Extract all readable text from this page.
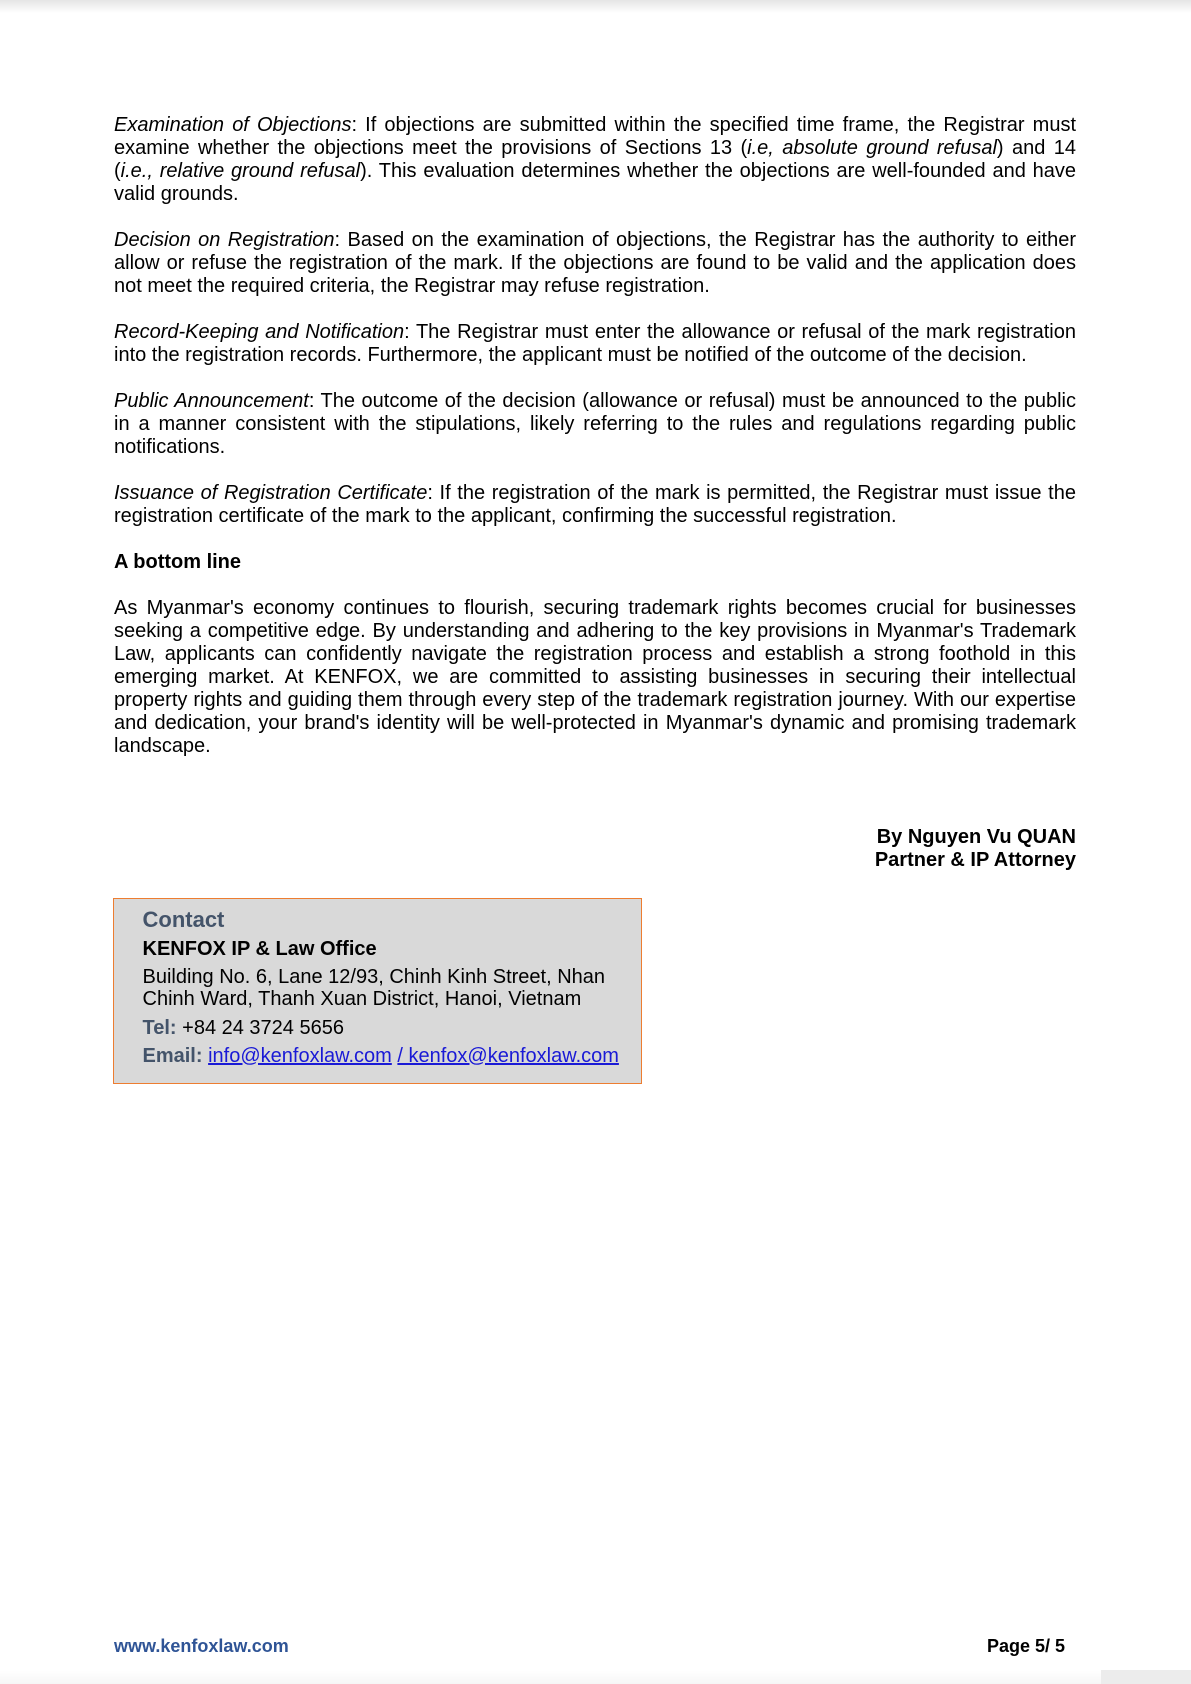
Examination of Objections: If objections are submitted within the specified time frame, the Registrar must
examine whether the objections meet the provisions of Sections 13 (i.e, absolute ground refusal) and 14
(i.e., relative ground refusal). This evaluation determines whether the objections are well-founded and have
valid grounds.
Decision on Registration: Based on the examination of objections, the Registrar has the authority to either
allow or refuse the registration of the mark. If the objections are found to be valid and the application does
not meet the required criteria, the Registrar may refuse registration.
Record-Keeping and Notification: The Registrar must enter the allowance or refusal of the mark registration
into the registration records. Furthermore, the applicant must be notified of the outcome of the decision.
Public Announcement: The outcome of the decision (allowance or refusal) must be announced to the public
in a manner consistent with the stipulations, likely referring to the rules and regulations regarding public
notifications.
Issuance of Registration Certificate: If the registration of the mark is permitted, the Registrar must issue the
registration certificate of the mark to the applicant, confirming the successful registration.
A bottom line
As Myanmar's economy continues to flourish, securing trademark rights becomes crucial for businesses
seeking a competitive edge. By understanding and adhering to the key provisions in Myanmar's Trademark
Law, applicants can confidently navigate the registration process and establish a strong foothold in this
emerging market. At KENFOX, we are committed to assisting businesses in securing their intellectual
property rights and guiding them through every step of the trademark registration journey. With our expertise
and dedication, your brand's identity will be well-protected in Myanmar's dynamic and promising trademark
landscape.
By Nguyen Vu QUAN
Partner & IP Attorney
Contact
KENFOX IP & Law Office
Building No. 6, Lane 12/93, Chinh Kinh Street, Nhan
Chinh Ward, Thanh Xuan District, Hanoi, Vietnam
Tel: +84 24 3724 5656
Email: info@kenfoxlaw.com / kenfox@kenfoxlaw.com
www.kenfoxlaw.com	Page 5/ 5
